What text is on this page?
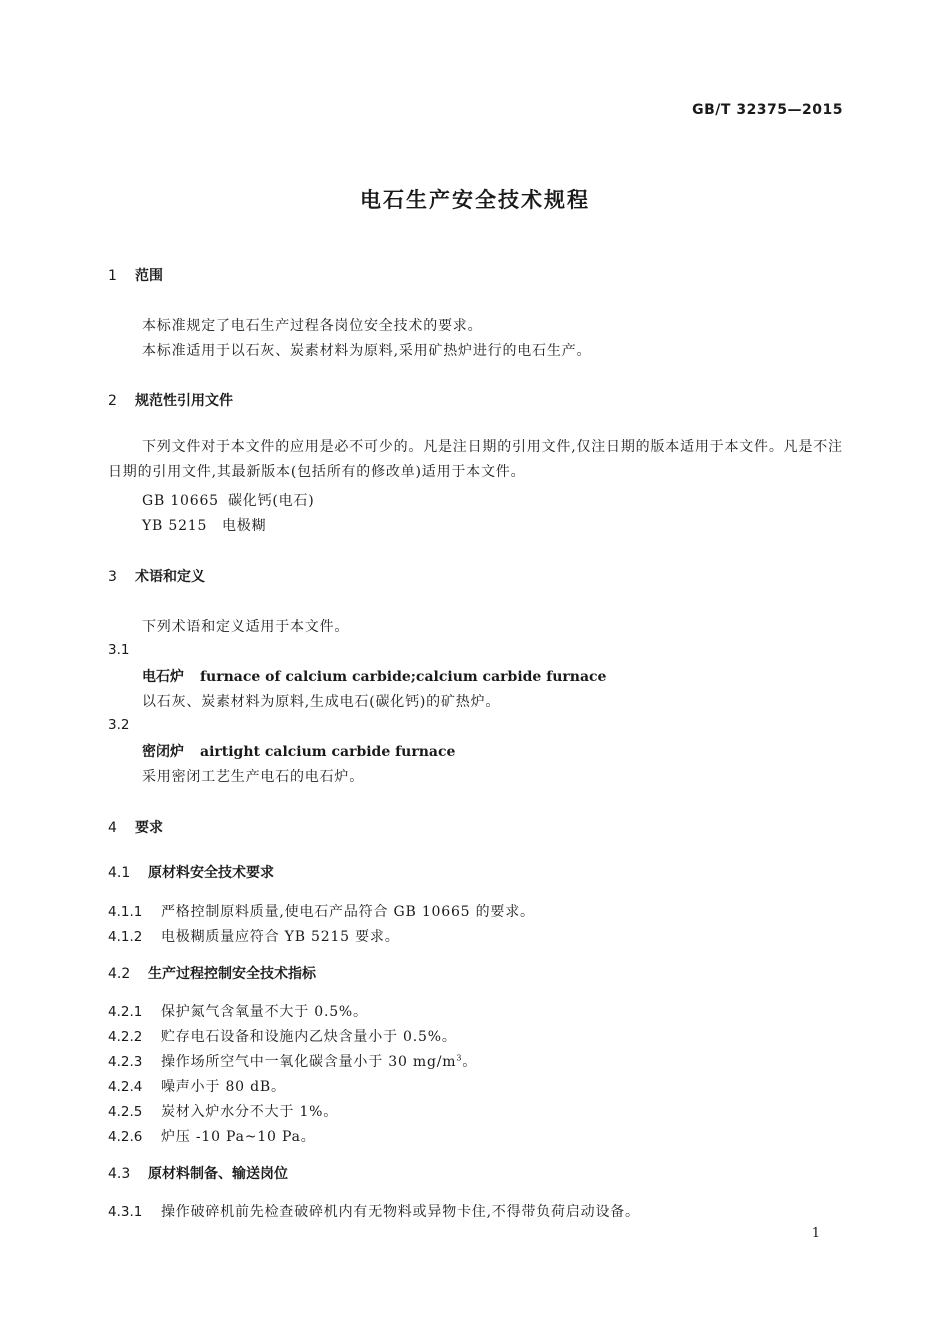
GB/T 32375—2015
电石生产安全技术规程
1 范围
本标准规定了电石生产过程各岗位安全技术的要求。
本标准适用于以石灰、炭素材料为原料,采用矿热炉进行的电石生产。
2 规范性引用文件
下列文件对于本文件的应用是必不可少的。凡是注日期的引用文件,仅注日期的版本适用于本文件。凡是不注日期的引用文件,其最新版本(包括所有的修改单)适用于本文件。
GB 10665 碳化钙(电石)
YB 5215 电极糊
3 术语和定义
下列术语和定义适用于本文件。
3.1
电石炉 furnace of calcium carbide;calcium carbide furnace
以石灰、炭素材料为原料,生成电石(碳化钙)的矿热炉。
3.2
密闭炉 airtight calcium carbide furnace
采用密闭工艺生产电石的电石炉。
4 要求
4.1 原材料安全技术要求
4.1.1 严格控制原料质量,使电石产品符合 GB 10665 的要求。
4.1.2 电极糊质量应符合 YB 5215 要求。
4.2 生产过程控制安全技术指标
4.2.1 保护氮气含氧量不大于 0.5%。
4.2.2 贮存电石设备和设施内乙炔含量小于 0.5%。
4.2.3 操作场所空气中一氧化碳含量小于 30 $mg/m^3$。
4.2.4 噪声小于 80 dB。
4.2.5 炭材入炉水分不大于 1%。
4.2.6 炉压 -10 Pa~10 Pa。
4.3 原材料制备、输送岗位
4.3.1 操作破碎机前先检查破碎机内有无物料或异物卡住,不得带负荷启动设备。
1
